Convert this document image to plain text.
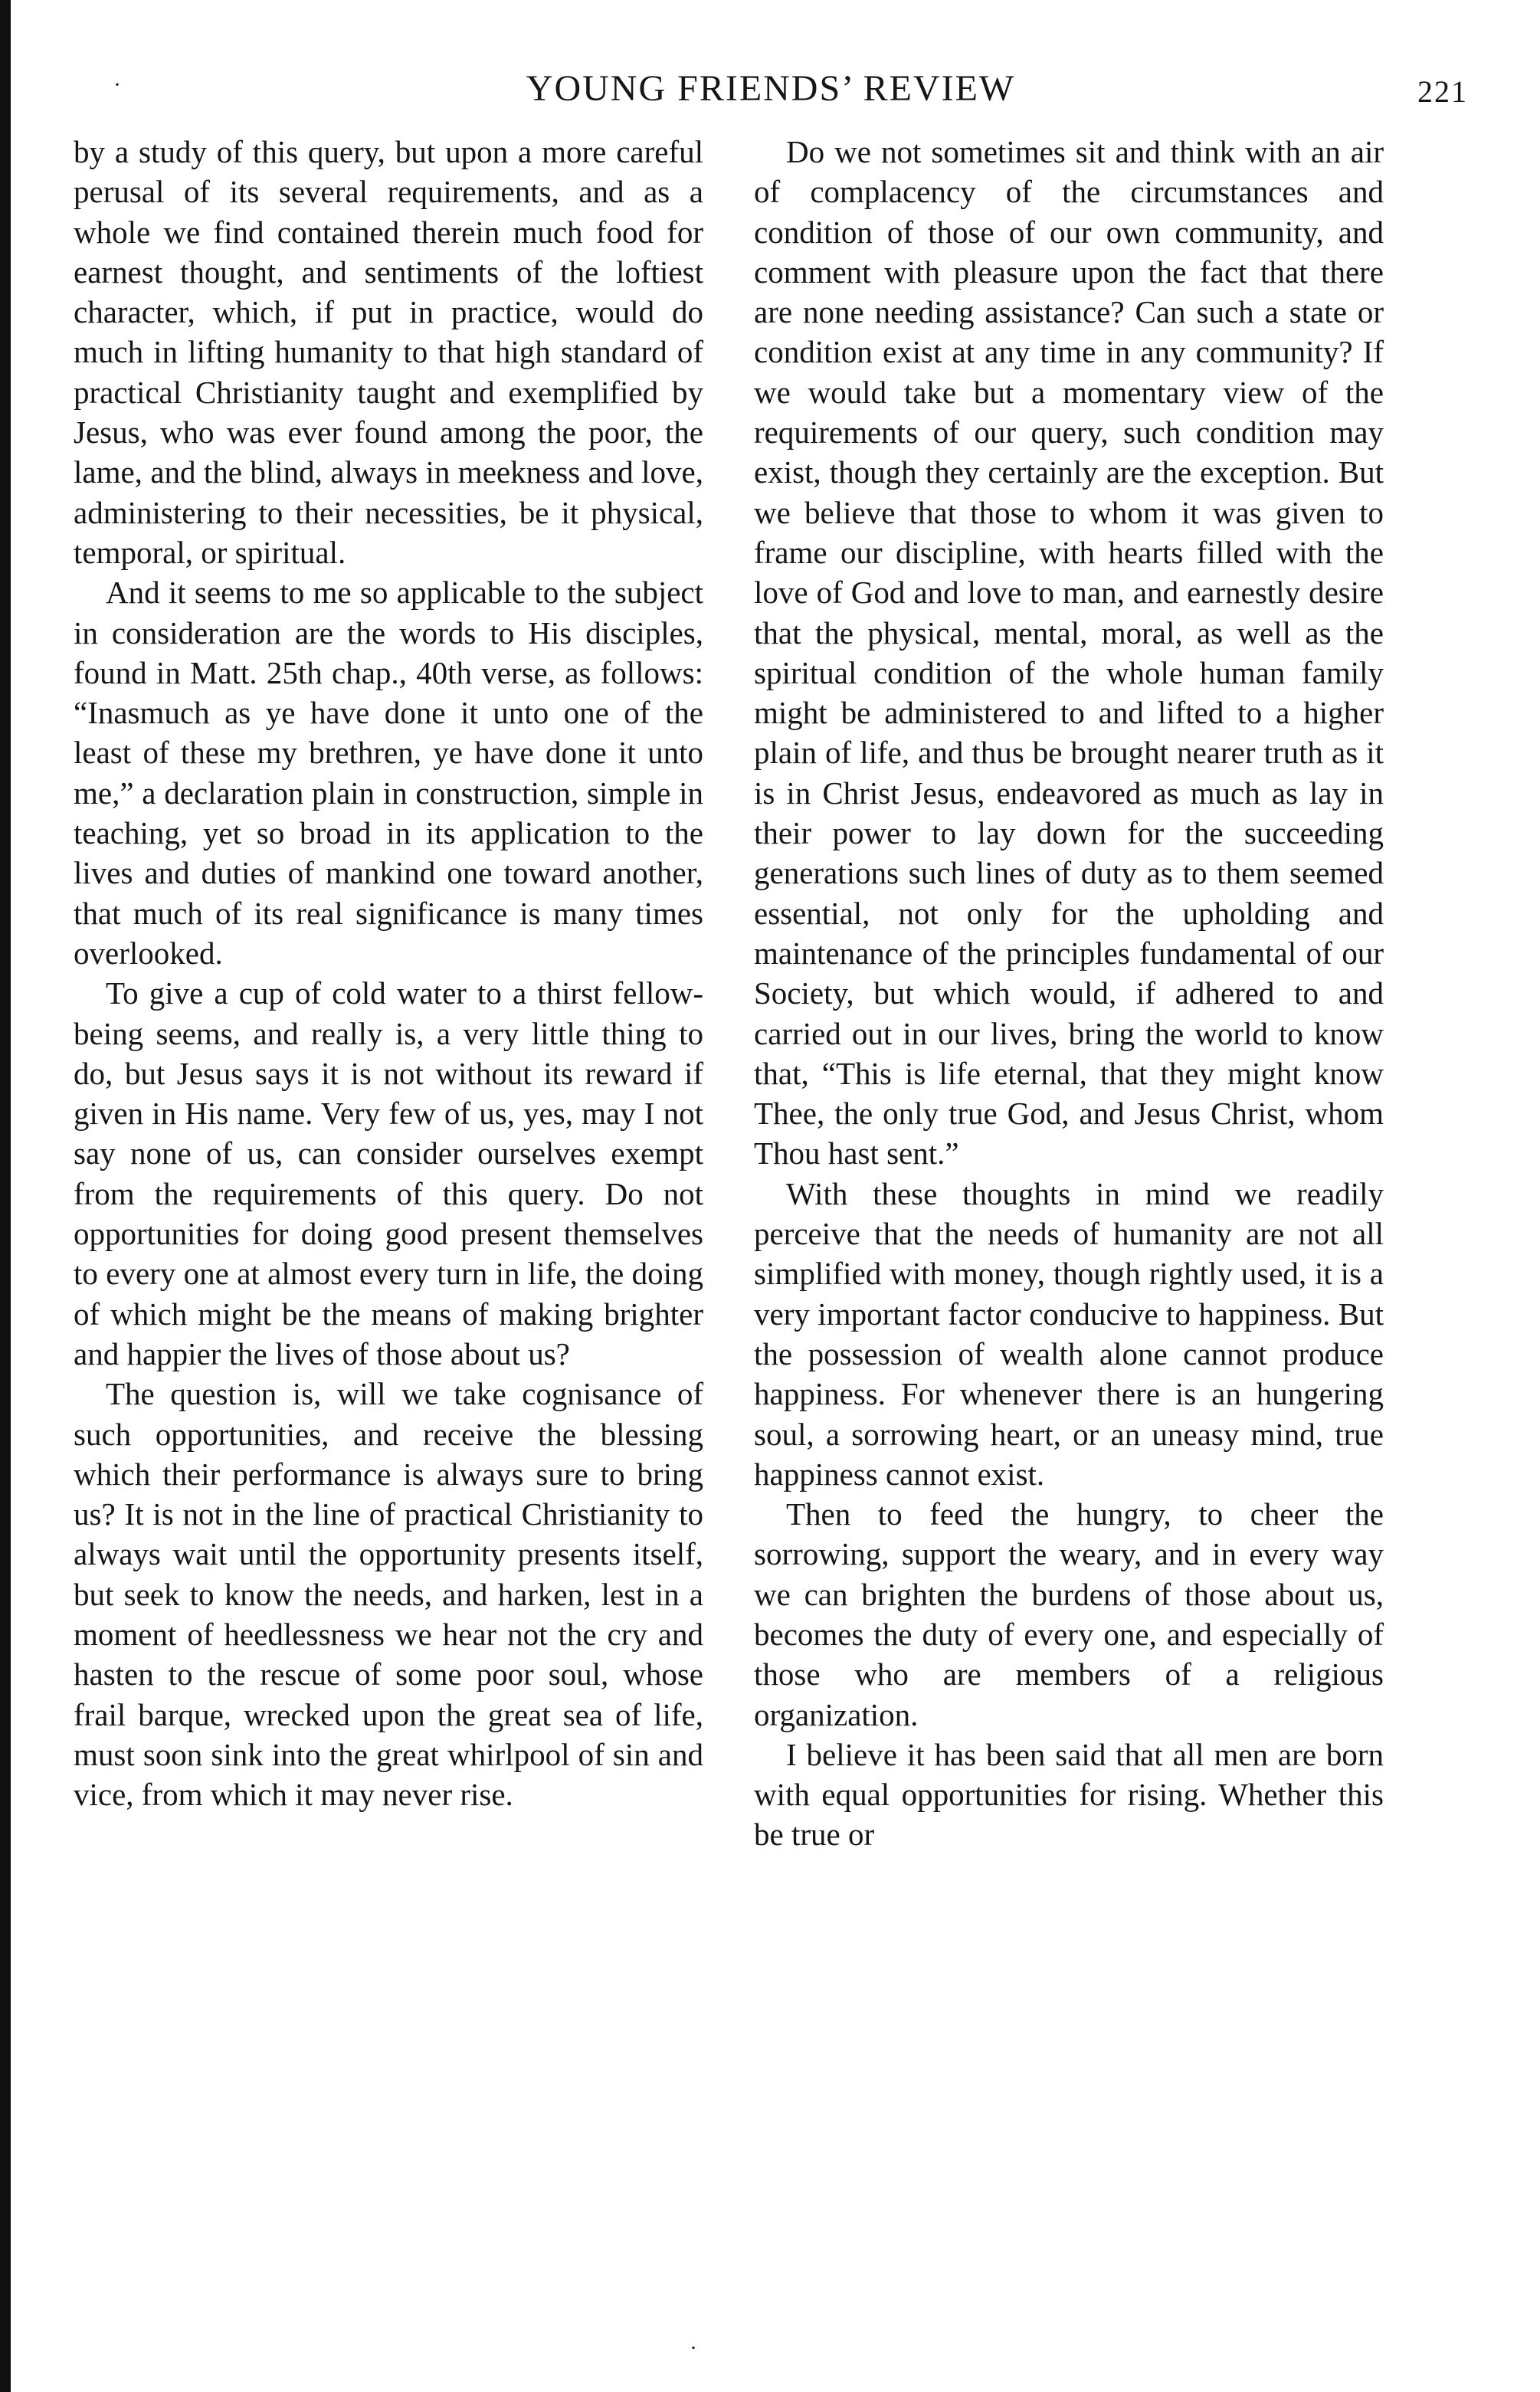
YOUNG FRIENDS’ REVIEW	221

by a study of this query, but upon a more careful perusal of its several requirements, and as a whole we find contained therein much food for earnest thought, and sentiments of the loftiest character, which, if put in practice, would do much in lifting humanity to that high standard of practical Christianity taught and exemplified by Jesus, who was ever found among the poor, the lame, and the blind, always in meekness and love, administering to their necessities, be it physical, temporal, or spiritual.

And it seems to me so applicable to the subject in consideration are the words to His disciples, found in Matt. 25th chap., 40th verse, as follows: “Inasmuch as ye have done it unto one of the least of these my brethren, ye have done it unto me,” a declaration plain in construction, simple in teaching, yet so broad in its application to the lives and duties of mankind one toward another, that much of its real significance is many times overlooked.

To give a cup of cold water to a thirst fellow-being seems, and really is, a very little thing to do, but Jesus says it is not without its reward if given in His name. Very few of us, yes, may I not say none of us, can consider ourselves exempt from the requirements of this query. Do not opportunities for doing good present themselves to every one at almost every turn in life, the doing of which might be the means of making brighter and happier the lives of those about us?

The question is, will we take cognisance of such opportunities, and receive the blessing which their performance is always sure to bring us? It is not in the line of practical Christianity to always wait until the opportunity presents itself, but seek to know the needs, and harken, lest in a moment of heedlessness we hear not the cry and hasten to the rescue of some poor soul, whose frail barque, wrecked upon the great sea of life, must soon sink into the great whirlpool of sin and vice, from which it may never rise.

Do we not sometimes sit and think with an air of complacency of the circumstances and condition of those of our own community, and comment with pleasure upon the fact that there are none needing assistance? Can such a state or condition exist at any time in any community? If we would take but a momentary view of the requirements of our query, such condition may exist, though they certainly are the exception. But we believe that those to whom it was given to frame our discipline, with hearts filled with the love of God and love to man, and earnestly desire that the physical, mental, moral, as well as the spiritual condition of the whole human family might be administered to and lifted to a higher plain of life, and thus be brought nearer truth as it is in Christ Jesus, endeavored as much as lay in their power to lay down for the succeeding generations such lines of duty as to them seemed essential, not only for the upholding and maintenance of the principles fundamental of our Society, but which would, if adhered to and carried out in our lives, bring the world to know that, “This is life eternal, that they might know Thee, the only true God, and Jesus Christ, whom Thou hast sent.”

With these thoughts in mind we readily perceive that the needs of humanity are not all simplified with money, though rightly used, it is a very important factor conducive to happiness. But the possession of wealth alone cannot produce happiness. For whenever there is an hungering soul, a sorrowing heart, or an uneasy mind, true happiness cannot exist.

Then to feed the hungry, to cheer the sorrowing, support the weary, and in every way we can brighten the burdens of those about us, becomes the duty of every one, and especially of those who are members of a religious organization.

I believe it has been said that all men are born with equal opportunities for rising. Whether this be true or

·
·
